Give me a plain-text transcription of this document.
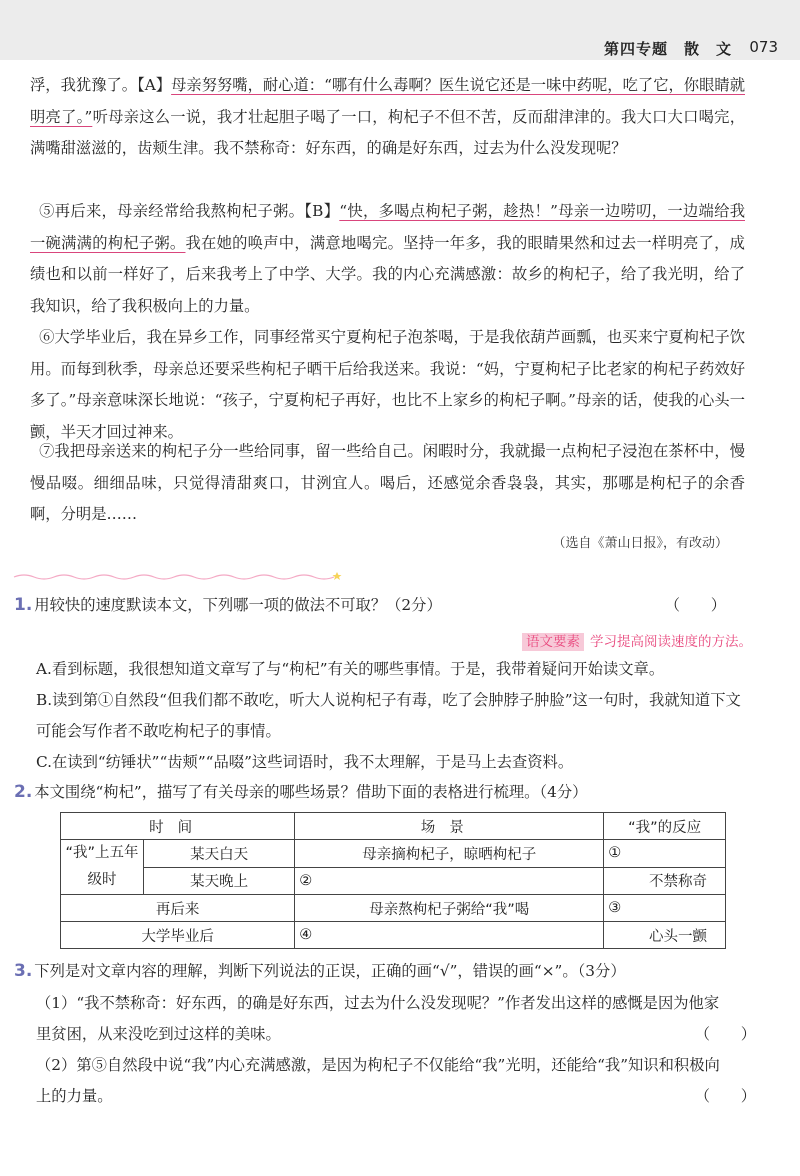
第四专题　散　文 073

浮，我犹豫了。【A】母亲努努嘴，耐心道：“哪有什么毒啊？医生说它还是一味中药呢，吃了它，你眼睛就明亮了。”听母亲这么一说，我才壮起胆子喝了一口，枸杞子不但不苦，反而甜津津的。我大口大口喝完，满嘴甜滋滋的，齿颊生津。我不禁称奇：好东西，的确是好东西，过去为什么没发现呢？

⑤再后来，母亲经常给我熬枸杞子粥。【B】“快，多喝点枸杞子粥，趁热！”母亲一边唠叨，一边端给我一碗满满的枸杞子粥。我在她的唤声中，满意地喝完。坚持一年多，我的眼睛果然和过去一样明亮了，成绩也和以前一样好了，后来我考上了中学、大学。我的内心充满感激：故乡的枸杞子，给了我光明，给了我知识，给了我积极向上的力量。

⑥大学毕业后，我在异乡工作，同事经常买宁夏枸杞子泡茶喝，于是我依葫芦画瓢，也买来宁夏枸杞子饮用。而每到秋季，母亲总还要采些枸杞子晒干后给我送来。我说：“妈，宁夏枸杞子比老家的枸杞子药效好多了。”母亲意味深长地说：“孩子，宁夏枸杞子再好，也比不上家乡的枸杞子啊。”母亲的话，使我的心头一颤，半天才回过神来。

⑦我把母亲送来的枸杞子分一些给同事，留一些给自己。闲暇时分，我就撮一点枸杞子浸泡在茶杯中，慢慢品啜。细细品味，只觉得清甜爽口，甘洌宜人。喝后，还感觉余香袅袅，其实，那哪是枸杞子的余香啊，分明是……

（选自《萧山日报》，有改动）
1. 用较快的速度默读本文，下列哪一项的做法不可取？（2分）	（　　）
语文要素 学习提高阅读速度的方法。
A.看到标题，我很想知道文章写了与“枸杞”有关的哪些事情。于是，我带着疑问开始读文章。
B.读到第①自然段“但我们都不敢吃，听大人说枸杞子有毒，吃了会肿脖子肿脸”这一句时，我就知道下文可能会写作者不敢吃枸杞子的事情。
C.在读到“纺锤状”“齿颊”“品啜”这些词语时，我不太理解，于是马上去查资料。
2. 本文围绕“枸杞”，描写了有关母亲的哪些场景？借助下面的表格进行梳理。（4分）
时间		场景	“我”的反应
“我”上五年级时	某天白天	母亲摘枸杞子，晾晒枸杞子	①
	某天晚上	②	不禁称奇
再后来		母亲熬枸杞子粥给“我”喝	③
大学毕业后		④	心头一颤
3. 下列是对文章内容的理解，判断下列说法的正误，正确的画“√”，错误的画“×”。（3分）
（1）“我不禁称奇：好东西，的确是好东西，过去为什么没发现呢？”作者发出这样的感慨是因为他家里贫困，从来没吃到过这样的美味。	（　　）
（2）第⑤自然段中说“我”内心充满感激，是因为枸杞子不仅能给“我”光明，还能给“我”知识和积极向上的力量。	（　　）
